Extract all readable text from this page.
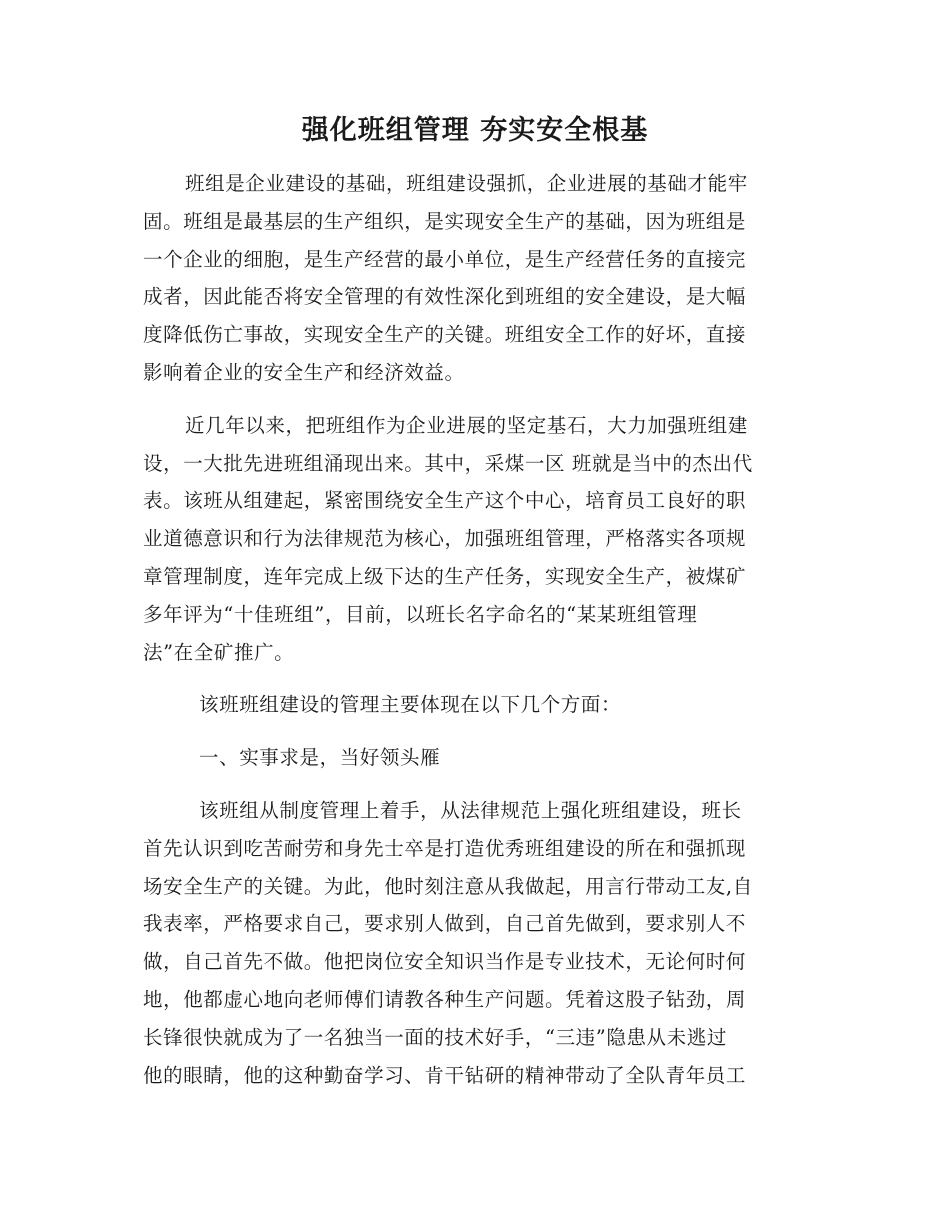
强化班组管理 夯实安全根基

班组是企业建设的基础，班组建设强抓，企业进展的基础才能牢
固。班组是最基层的生产组织，是实现安全生产的基础，因为班组是
一个企业的细胞，是生产经营的最小单位，是生产经营任务的直接完
成者，因此能否将安全管理的有效性深化到班组的安全建设，是大幅
度降低伤亡事故，实现安全生产的关键。班组安全工作的好坏，直接
影响着企业的安全生产和经济效益。

近几年以来，把班组作为企业进展的坚定基石，大力加强班组建
设，一大批先进班组涌现出来。其中，采煤一区 班就是当中的杰出代
表。该班从组建起，紧密围绕安全生产这个中心，培育员工良好的职
业道德意识和行为法律规范为核心，加强班组管理，严格落实各项规
章管理制度，连年完成上级下达的生产任务，实现安全生产，被煤矿
多年评为“十佳班组”，目前，以班长名字命名的“某某班组管理
法”在全矿推广。

该班班组建设的管理主要体现在以下几个方面：

一、实事求是，当好领头雁

该班组从制度管理上着手，从法律规范上强化班组建设，班长
首先认识到吃苦耐劳和身先士卒是打造优秀班组建设的所在和强抓现
场安全生产的关键。为此，他时刻注意从我做起，用言行带动工友,自
我表率，严格要求自己，要求别人做到，自己首先做到，要求别人不
做，自己首先不做。他把岗位安全知识当作是专业技术，无论何时何
地，他都虚心地向老师傅们请教各种生产问题。凭着这股子钻劲，周
长锋很快就成为了一名独当一面的技术好手，“三违”隐患从未逃过
他的眼睛，他的这种勤奋学习、肯干钻研的精神带动了全队青年员工
